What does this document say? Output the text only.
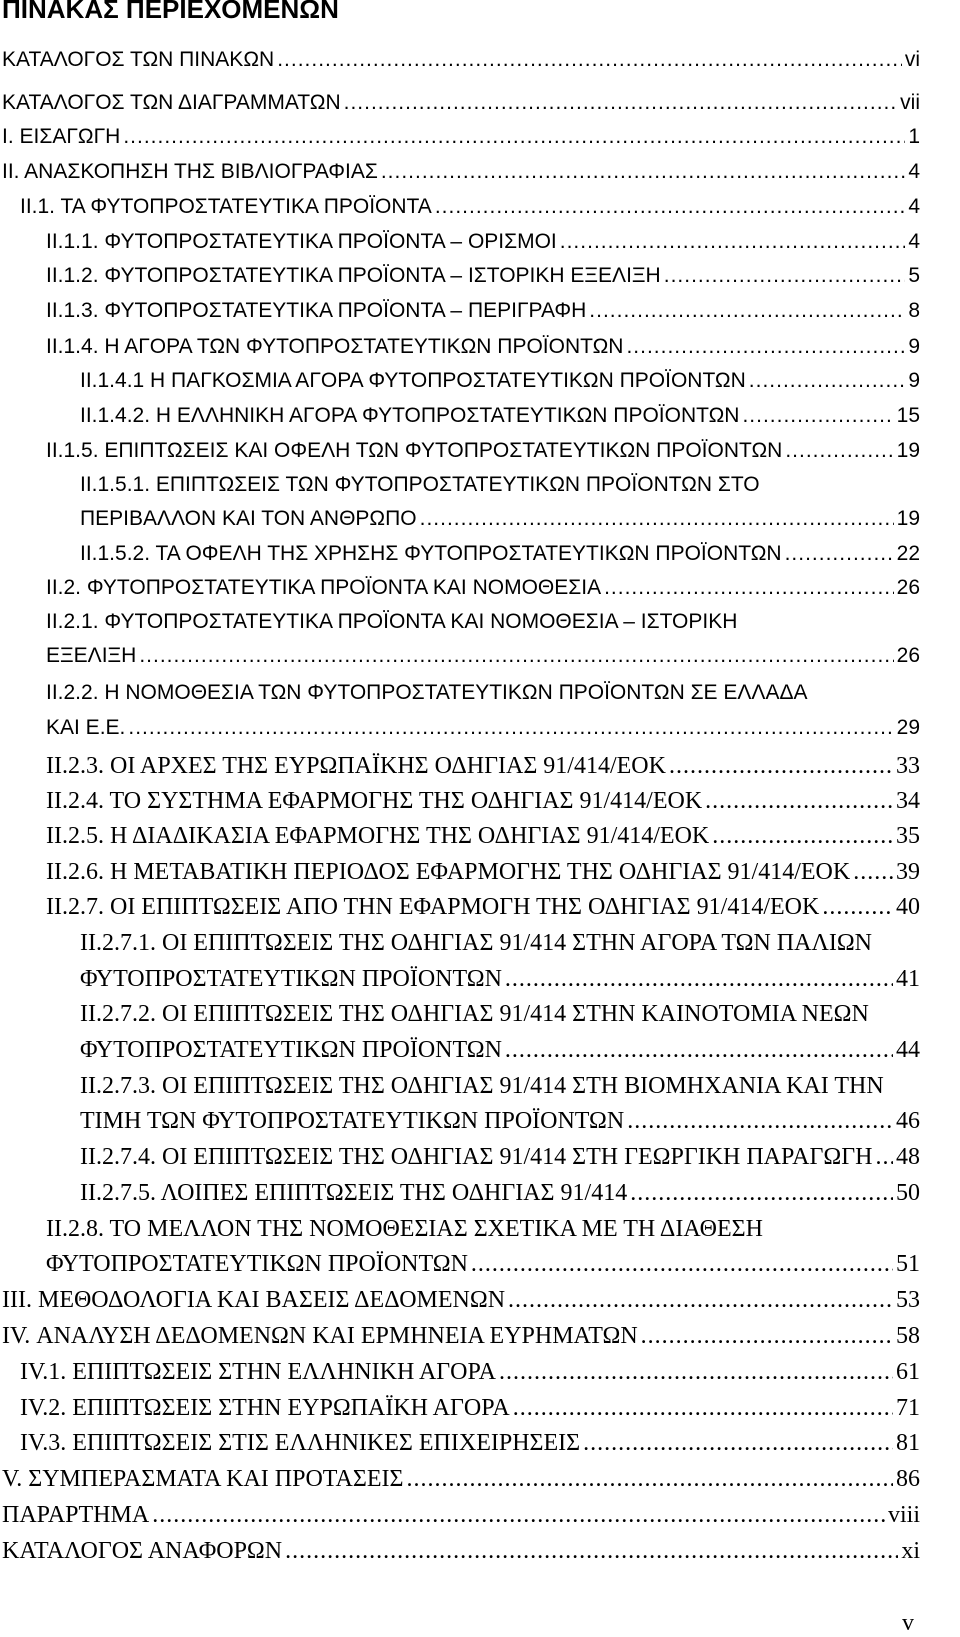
ΠΙΝΑΚΑΣ ΠΕΡΙΕΧΟΜΕΝΩΝ
ΚΑΤΑΛΟΓΟΣ ΤΩΝ ΠΙΝΑΚΩΝ .....	vi
ΚΑΤΑΛΟΓΟΣ ΤΩΝ ΔΙΑΓΡΑΜΜΑΤΩΝ .....	vii
Ι. ΕΙΣΑΓΩΓΗ .....	1
ΙΙ. ΑΝΑΣΚΟΠΗΣΗ ΤΗΣ ΒΙΒΛΙΟΓΡΑΦΙΑΣ .....	4
ΙΙ.1. ΤΑ ΦΥΤΟΠΡΟΣΤΑΤΕΥΤΙΚΑ ΠΡΟΪΟΝΤΑ .....	4
ΙΙ.1.1. ΦΥΤΟΠΡΟΣΤΑΤΕΥΤΙΚΑ ΠΡΟΪΟΝΤΑ – ΟΡΙΣΜΟΙ .....	4
ΙΙ.1.2. ΦΥΤΟΠΡΟΣΤΑΤΕΥΤΙΚΑ ΠΡΟΪΟΝΤΑ – ΙΣΤΟΡΙΚΗ ΕΞΕΛΙΞΗ .....	5
ΙΙ.1.3. ΦΥΤΟΠΡΟΣΤΑΤΕΥΤΙΚΑ ΠΡΟΪΟΝΤΑ – ΠΕΡΙΓΡΑΦΗ .....	8
ΙΙ.1.4. Η ΑΓΟΡΑ ΤΩΝ ΦΥΤΟΠΡΟΣΤΑΤΕΥΤΙΚΩΝ ΠΡΟΪΟΝΤΩΝ .....	9
ΙΙ.1.4.1 Η ΠΑΓΚΟΣΜΙΑ ΑΓΟΡΑ ΦΥΤΟΠΡΟΣΤΑΤΕΥΤΙΚΩΝ ΠΡΟΪΟΝΤΩΝ .....	9
ΙΙ.1.4.2. Η ΕΛΛΗΝΙΚΗ ΑΓΟΡΑ ΦΥΤΟΠΡΟΣΤΑΤΕΥΤΙΚΩΝ ΠΡΟΪΟΝΤΩΝ .....	15
ΙΙ.1.5. ΕΠΙΠΤΩΣΕΙΣ ΚΑΙ ΟΦΕΛΗ ΤΩΝ ΦΥΤΟΠΡΟΣΤΑΤΕΥΤΙΚΩΝ ΠΡΟΪΟΝΤΩΝ .....	19
ΙΙ.1.5.1. ΕΠΙΠΤΩΣΕΙΣ ΤΩΝ ΦΥΤΟΠΡΟΣΤΑΤΕΥΤΙΚΩΝ ΠΡΟΪΟΝΤΩΝ ΣΤΟ
ΠΕΡΙΒΑΛΛΟΝ ΚΑΙ ΤΟΝ ΑΝΘΡΩΠΟ .....	19
ΙΙ.1.5.2. ΤΑ ΟΦΕΛΗ ΤΗΣ ΧΡΗΣΗΣ ΦΥΤΟΠΡΟΣΤΑΤΕΥΤΙΚΩΝ ΠΡΟΪΟΝΤΩΝ .....	22
ΙΙ.2. ΦΥΤΟΠΡΟΣΤΑΤΕΥΤΙΚΑ ΠΡΟΪΟΝΤΑ ΚΑΙ ΝΟΜΟΘΕΣΙΑ .....	26
ΙΙ.2.1. ΦΥΤΟΠΡΟΣΤΑΤΕΥΤΙΚΑ ΠΡΟΪΟΝΤΑ ΚΑΙ ΝΟΜΟΘΕΣΙΑ – ΙΣΤΟΡΙΚΗ
ΕΞΕΛΙΞΗ .....	26
ΙΙ.2.2. Η ΝΟΜΟΘΕΣΙΑ ΤΩΝ ΦΥΤΟΠΡΟΣΤΑΤΕΥΤΙΚΩΝ ΠΡΟΪΟΝΤΩΝ ΣΕ ΕΛΛΑΔΑ
ΚΑΙ Ε.Ε. .....	29
ΙΙ.2.3. ΟΙ ΑΡΧΕΣ ΤΗΣ ΕΥΡΩΠΑΪΚΗΣ ΟΔΗΓΙΑΣ 91/414/ΕΟΚ .....	33
ΙΙ.2.4. ΤΟ ΣΥΣΤΗΜΑ ΕΦΑΡΜΟΓΗΣ ΤΗΣ ΟΔΗΓΙΑΣ 91/414/ΕΟΚ .....	34
ΙΙ.2.5. Η ΔΙΑΔΙΚΑΣΙΑ ΕΦΑΡΜΟΓΗΣ ΤΗΣ ΟΔΗΓΙΑΣ 91/414/ΕΟΚ .....	35
ΙΙ.2.6. Η ΜΕΤΑΒΑΤΙΚΗ ΠΕΡΙΟΔΟΣ ΕΦΑΡΜΟΓΗΣ ΤΗΣ ΟΔΗΓΙΑΣ 91/414/ΕΟΚ ..... 39
ΙΙ.2.7. ΟΙ ΕΠΙΠΤΩΣΕΙΣ ΑΠΟ ΤΗΝ ΕΦΑΡΜΟΓΗ ΤΗΣ ΟΔΗΓΙΑΣ 91/414/ΕΟΚ .....	40
ΙΙ.2.7.1. ΟΙ ΕΠΙΠΤΩΣΕΙΣ ΤΗΣ ΟΔΗΓΙΑΣ 91/414 ΣΤΗΝ ΑΓΟΡΑ ΤΩΝ ΠΑΛΙΩΝ
ΦΥΤΟΠΡΟΣΤΑΤΕΥΤΙΚΩΝ ΠΡΟΪΟΝΤΩΝ .....	41
ΙΙ.2.7.2. ΟΙ ΕΠΙΠΤΩΣΕΙΣ ΤΗΣ ΟΔΗΓΙΑΣ 91/414 ΣΤΗΝ ΚΑΙΝΟΤΟΜΙΑ ΝΕΩΝ
ΦΥΤΟΠΡΟΣΤΑΤΕΥΤΙΚΩΝ ΠΡΟΪΟΝΤΩΝ .....	44
ΙΙ.2.7.3. ΟΙ ΕΠΙΠΤΩΣΕΙΣ ΤΗΣ ΟΔΗΓΙΑΣ 91/414 ΣΤΗ ΒΙΟΜΗΧΑΝΙΑ ΚΑΙ ΤΗΝ
ΤΙΜΗ ΤΩΝ ΦΥΤΟΠΡΟΣΤΑΤΕΥΤΙΚΩΝ ΠΡΟΪΟΝΤΩΝ .....	46
ΙΙ.2.7.4. ΟΙ ΕΠΙΠΤΩΣΕΙΣ ΤΗΣ ΟΔΗΓΙΑΣ 91/414 ΣΤΗ ΓΕΩΡΓΙΚΗ ΠΑΡΑΓΩΓΗ ..... 48
ΙΙ.2.7.5. ΛΟΙΠΕΣ ΕΠΙΠΤΩΣΕΙΣ ΤΗΣ ΟΔΗΓΙΑΣ 91/414 .....	50
ΙΙ.2.8. ΤΟ ΜΕΛΛΟΝ ΤΗΣ ΝΟΜΟΘΕΣΙΑΣ ΣΧΕΤΙΚΑ ΜΕ ΤΗ ΔΙΑΘΕΣΗ
ΦΥΤΟΠΡΟΣΤΑΤΕΥΤΙΚΩΝ ΠΡΟΪΟΝΤΩΝ .....	51
ΙΙΙ. ΜΕΘΟΔΟΛΟΓΙΑ ΚΑΙ ΒΑΣΕΙΣ ΔΕΔΟΜΕΝΩΝ .....	53
IV. ΑΝΑΛΥΣΗ ΔΕΔΟΜΕΝΩΝ ΚΑΙ ΕΡΜΗΝΕΙΑ ΕΥΡΗΜΑΤΩΝ .....	58
IV.1. ΕΠΙΠΤΩΣΕΙΣ ΣΤΗΝ ΕΛΛΗΝΙΚΗ ΑΓΟΡΑ .....	61
IV.2. ΕΠΙΠΤΩΣΕΙΣ ΣΤΗΝ ΕΥΡΩΠΑΪΚΗ ΑΓΟΡΑ .....	71
IV.3. ΕΠΙΠΤΩΣΕΙΣ ΣΤΙΣ ΕΛΛΗΝΙΚΕΣ ΕΠΙΧΕΙΡΗΣΕΙΣ .....	81
V. ΣΥΜΠΕΡΑΣΜΑΤΑ ΚΑΙ ΠΡΟΤΑΣΕΙΣ .....	86
ΠΑΡΑΡΤΗΜΑ .....	viii
ΚΑΤΑΛΟΓΟΣ ΑΝΑΦΟΡΩΝ .....	xi
v
